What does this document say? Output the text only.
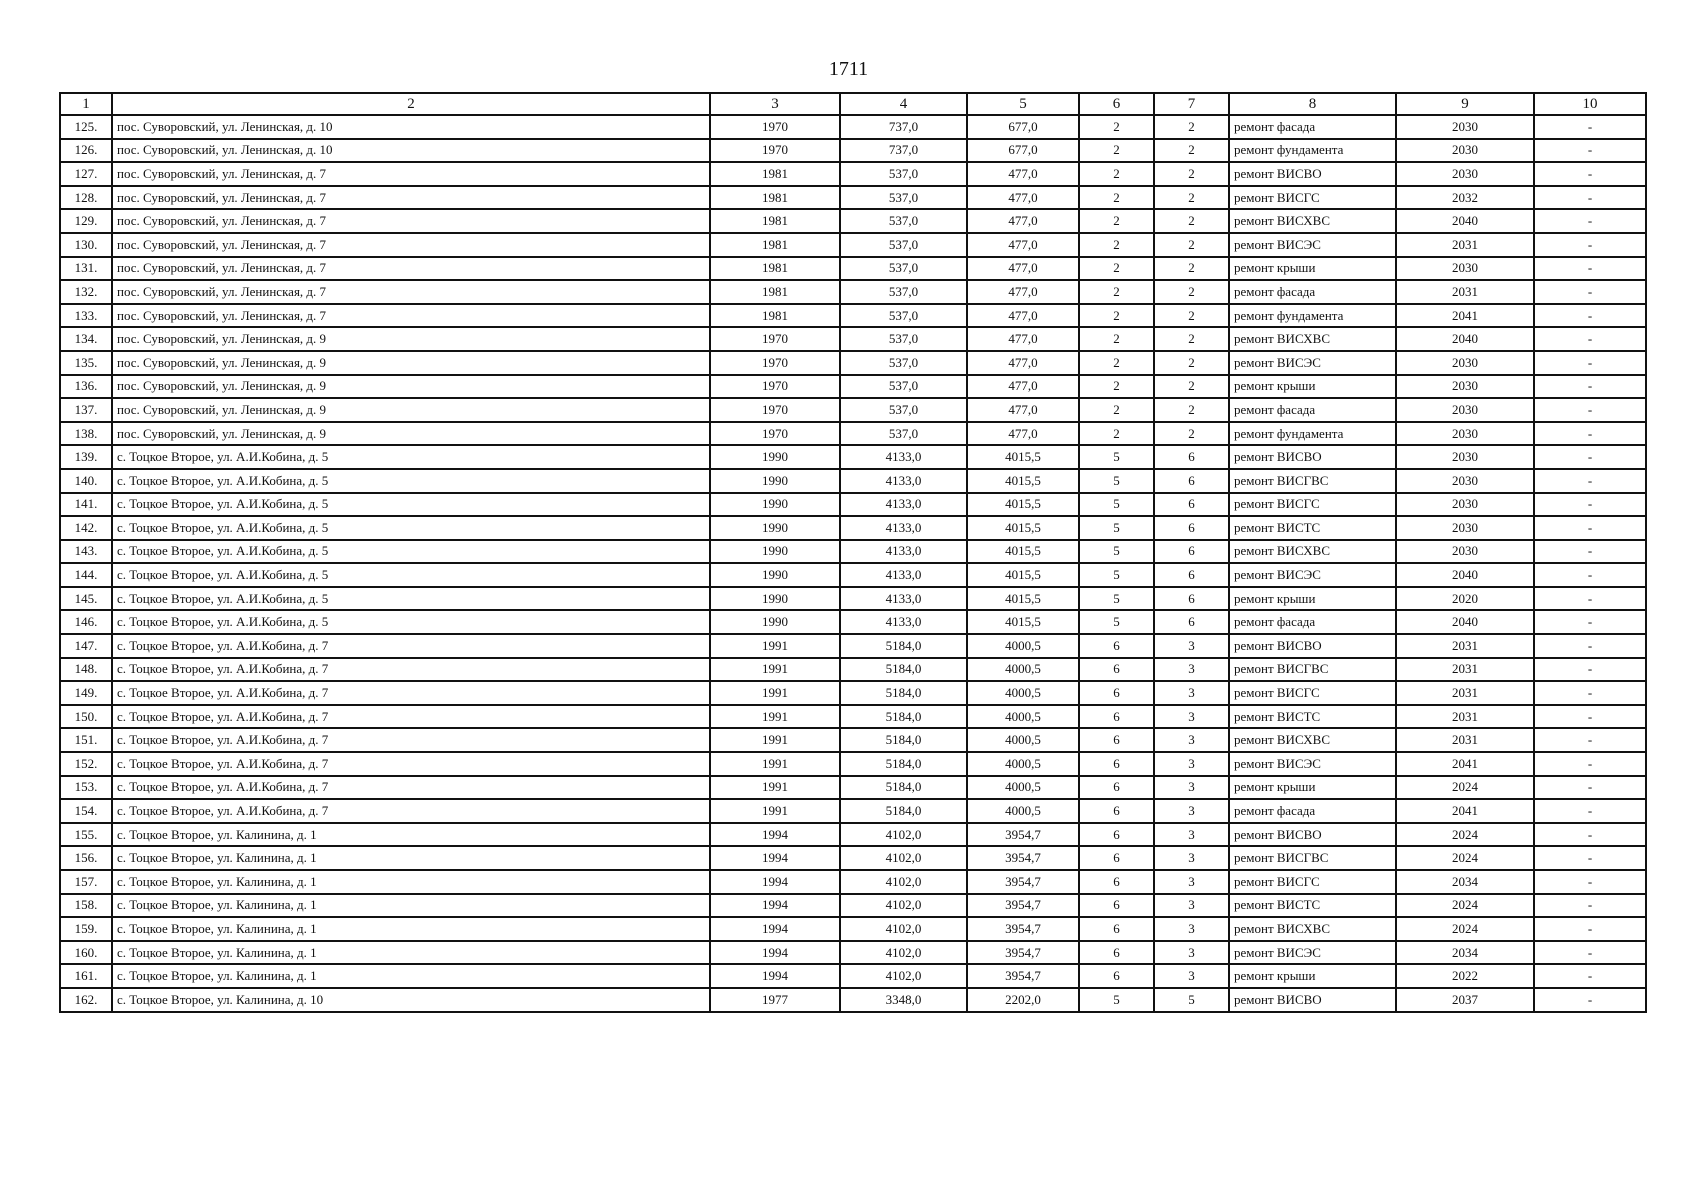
1711
1	2	3	4	5	6	7	8	9	10
125.	пос. Суворовский, ул. Ленинская, д. 10	1970	737,0	677,0	2	2	ремонт фасада	2030	-
126.	пос. Суворовский, ул. Ленинская, д. 10	1970	737,0	677,0	2	2	ремонт фундамента	2030	-
127.	пос. Суворовский, ул. Ленинская, д. 7	1981	537,0	477,0	2	2	ремонт ВИСВО	2030	-
128.	пос. Суворовский, ул. Ленинская, д. 7	1981	537,0	477,0	2	2	ремонт ВИСГС	2032	-
129.	пос. Суворовский, ул. Ленинская, д. 7	1981	537,0	477,0	2	2	ремонт ВИСХВС	2040	-
130.	пос. Суворовский, ул. Ленинская, д. 7	1981	537,0	477,0	2	2	ремонт ВИСЭС	2031	-
131.	пос. Суворовский, ул. Ленинская, д. 7	1981	537,0	477,0	2	2	ремонт крыши	2030	-
132.	пос. Суворовский, ул. Ленинская, д. 7	1981	537,0	477,0	2	2	ремонт фасада	2031	-
133.	пос. Суворовский, ул. Ленинская, д. 7	1981	537,0	477,0	2	2	ремонт фундамента	2041	-
134.	пос. Суворовский, ул. Ленинская, д. 9	1970	537,0	477,0	2	2	ремонт ВИСХВС	2040	-
135.	пос. Суворовский, ул. Ленинская, д. 9	1970	537,0	477,0	2	2	ремонт ВИСЭС	2030	-
136.	пос. Суворовский, ул. Ленинская, д. 9	1970	537,0	477,0	2	2	ремонт крыши	2030	-
137.	пос. Суворовский, ул. Ленинская, д. 9	1970	537,0	477,0	2	2	ремонт фасада	2030	-
138.	пос. Суворовский, ул. Ленинская, д. 9	1970	537,0	477,0	2	2	ремонт фундамента	2030	-
139.	с. Тоцкое Второе, ул. А.И.Кобина, д. 5	1990	4133,0	4015,5	5	6	ремонт ВИСВО	2030	-
140.	с. Тоцкое Второе, ул. А.И.Кобина, д. 5	1990	4133,0	4015,5	5	6	ремонт ВИСГВС	2030	-
141.	с. Тоцкое Второе, ул. А.И.Кобина, д. 5	1990	4133,0	4015,5	5	6	ремонт ВИСГС	2030	-
142.	с. Тоцкое Второе, ул. А.И.Кобина, д. 5	1990	4133,0	4015,5	5	6	ремонт ВИСТС	2030	-
143.	с. Тоцкое Второе, ул. А.И.Кобина, д. 5	1990	4133,0	4015,5	5	6	ремонт ВИСХВС	2030	-
144.	с. Тоцкое Второе, ул. А.И.Кобина, д. 5	1990	4133,0	4015,5	5	6	ремонт ВИСЭС	2040	-
145.	с. Тоцкое Второе, ул. А.И.Кобина, д. 5	1990	4133,0	4015,5	5	6	ремонт крыши	2020	-
146.	с. Тоцкое Второе, ул. А.И.Кобина, д. 5	1990	4133,0	4015,5	5	6	ремонт фасада	2040	-
147.	с. Тоцкое Второе, ул. А.И.Кобина, д. 7	1991	5184,0	4000,5	6	3	ремонт ВИСВО	2031	-
148.	с. Тоцкое Второе, ул. А.И.Кобина, д. 7	1991	5184,0	4000,5	6	3	ремонт ВИСГВС	2031	-
149.	с. Тоцкое Второе, ул. А.И.Кобина, д. 7	1991	5184,0	4000,5	6	3	ремонт ВИСГС	2031	-
150.	с. Тоцкое Второе, ул. А.И.Кобина, д. 7	1991	5184,0	4000,5	6	3	ремонт ВИСТС	2031	-
151.	с. Тоцкое Второе, ул. А.И.Кобина, д. 7	1991	5184,0	4000,5	6	3	ремонт ВИСХВС	2031	-
152.	с. Тоцкое Второе, ул. А.И.Кобина, д. 7	1991	5184,0	4000,5	6	3	ремонт ВИСЭС	2041	-
153.	с. Тоцкое Второе, ул. А.И.Кобина, д. 7	1991	5184,0	4000,5	6	3	ремонт крыши	2024	-
154.	с. Тоцкое Второе, ул. А.И.Кобина, д. 7	1991	5184,0	4000,5	6	3	ремонт фасада	2041	-
155.	с. Тоцкое Второе, ул. Калинина, д. 1	1994	4102,0	3954,7	6	3	ремонт ВИСВО	2024	-
156.	с. Тоцкое Второе, ул. Калинина, д. 1	1994	4102,0	3954,7	6	3	ремонт ВИСГВС	2024	-
157.	с. Тоцкое Второе, ул. Калинина, д. 1	1994	4102,0	3954,7	6	3	ремонт ВИСГС	2034	-
158.	с. Тоцкое Второе, ул. Калинина, д. 1	1994	4102,0	3954,7	6	3	ремонт ВИСТС	2024	-
159.	с. Тоцкое Второе, ул. Калинина, д. 1	1994	4102,0	3954,7	6	3	ремонт ВИСХВС	2024	-
160.	с. Тоцкое Второе, ул. Калинина, д. 1	1994	4102,0	3954,7	6	3	ремонт ВИСЭС	2034	-
161.	с. Тоцкое Второе, ул. Калинина, д. 1	1994	4102,0	3954,7	6	3	ремонт крыши	2022	-
162.	с. Тоцкое Второе, ул. Калинина, д. 10	1977	3348,0	2202,0	5	5	ремонт ВИСВО	2037	-
